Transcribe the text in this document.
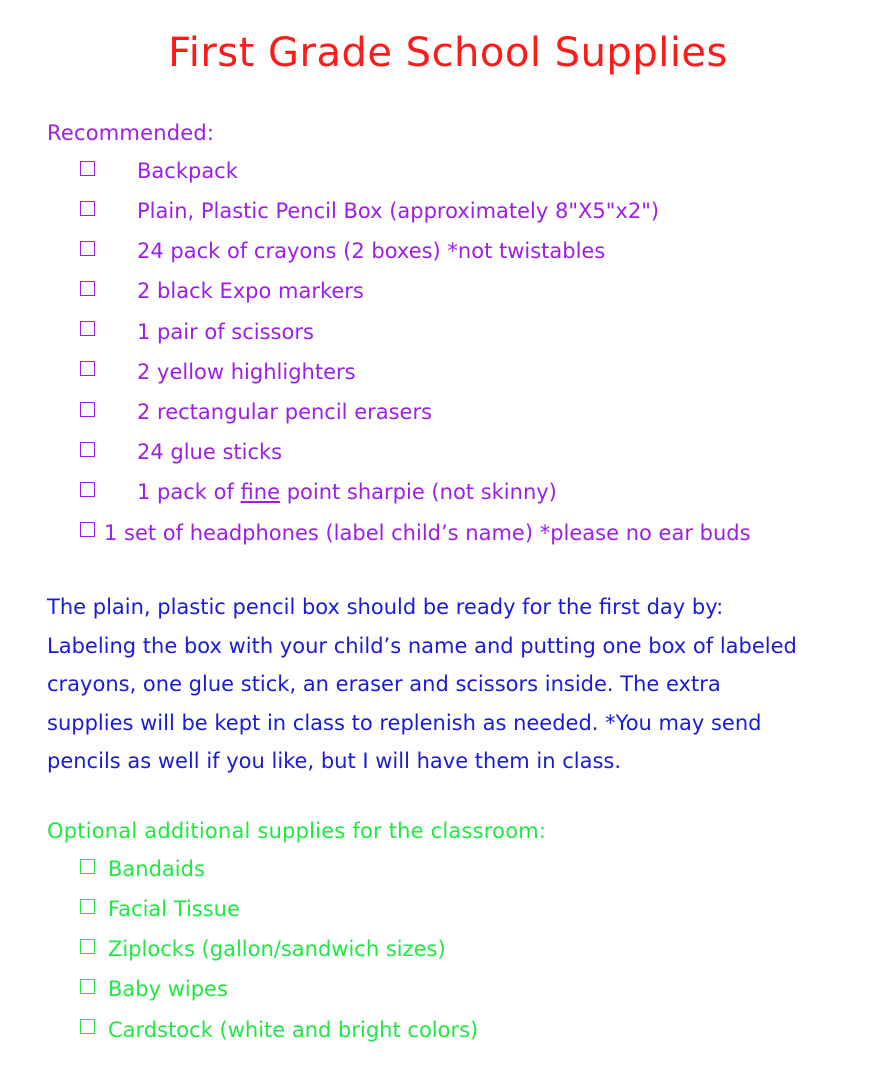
First Grade School Supplies
Recommended:
Backpack
Plain, Plastic Pencil Box (approximately 8"X5"x2")
24 pack of crayons (2 boxes) *not twistables
2 black Expo markers
1 pair of scissors
2 yellow highlighters
2 rectangular pencil erasers
24 glue sticks
1 pack of fine point sharpie (not skinny)
1 set of headphones (label child’s name) *please no ear buds

The plain, plastic pencil box should be ready for the first day by:
Labeling the box with your child’s name and putting one box of labeled
crayons, one glue stick, an eraser and scissors inside. The extra
supplies will be kept in class to replenish as needed. *You may send
pencils as well if you like, but I will have them in class.

Optional additional supplies for the classroom:
Bandaids
Facial Tissue
Ziplocks (gallon/sandwich sizes)
Baby wipes
Cardstock (white and bright colors)
